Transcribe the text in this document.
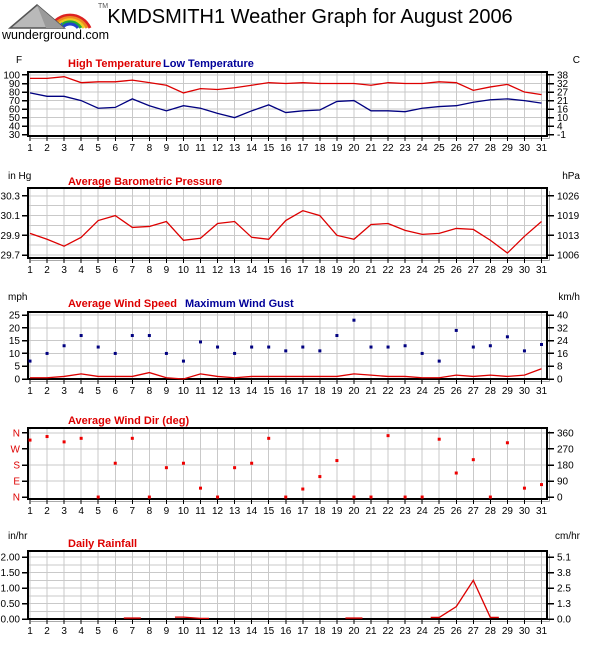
TM
wunderground.com
KMDSMITH1 Weather Graph for August 2006
100
90
80
70
60
50
40
30
38
32
27
21
16
10
4
-1
1 2 3 4 5 6 7 8 9 10 11 12 13 14 15 16 17 18 19 20 21 22 23 24 25 26 27 28 29 30 31
F	C
High Temperature Low Temperature
30.3
30.1
29.9
29.7
1026
1019
1013
1006
1 2 3 4 5 6 7 8 9 10 11 12 13 14 15 16 17 18 19 20 21 22 23 24 25 26 27 28 29 30 31
in Hg	hPa
Average Barometric Pressure
25
20
15
10
5
0
40
32
24
16
8
0
1 2 3 4 5 6 7 8 9 10 11 12 13 14 15 16 17 18 19 20 21 22 23 24 25 26 27 28 29 30 31
mph	km/h
Average Wind Speed Maximum Wind Gust
N
W
S
E
N
360
270
180
90
0
1 2 3 4 5 6 7 8 9 10 11 12 13 14 15 16 17 18 19 20 21 22 23 24 25 26 27 28 29 30 31
Average Wind Dir (deg)
2.00
1.50
1.00
0.50
0.00
5.1
3.8
2.5
1.3
0.0
1 2 3 4 5 6 7 8 9 10 11 12 13 14 15 16 17 18 19 20 21 22 23 24 25 26 27 28 29 30 31
in/hr	cm/hr
Daily Rainfall
